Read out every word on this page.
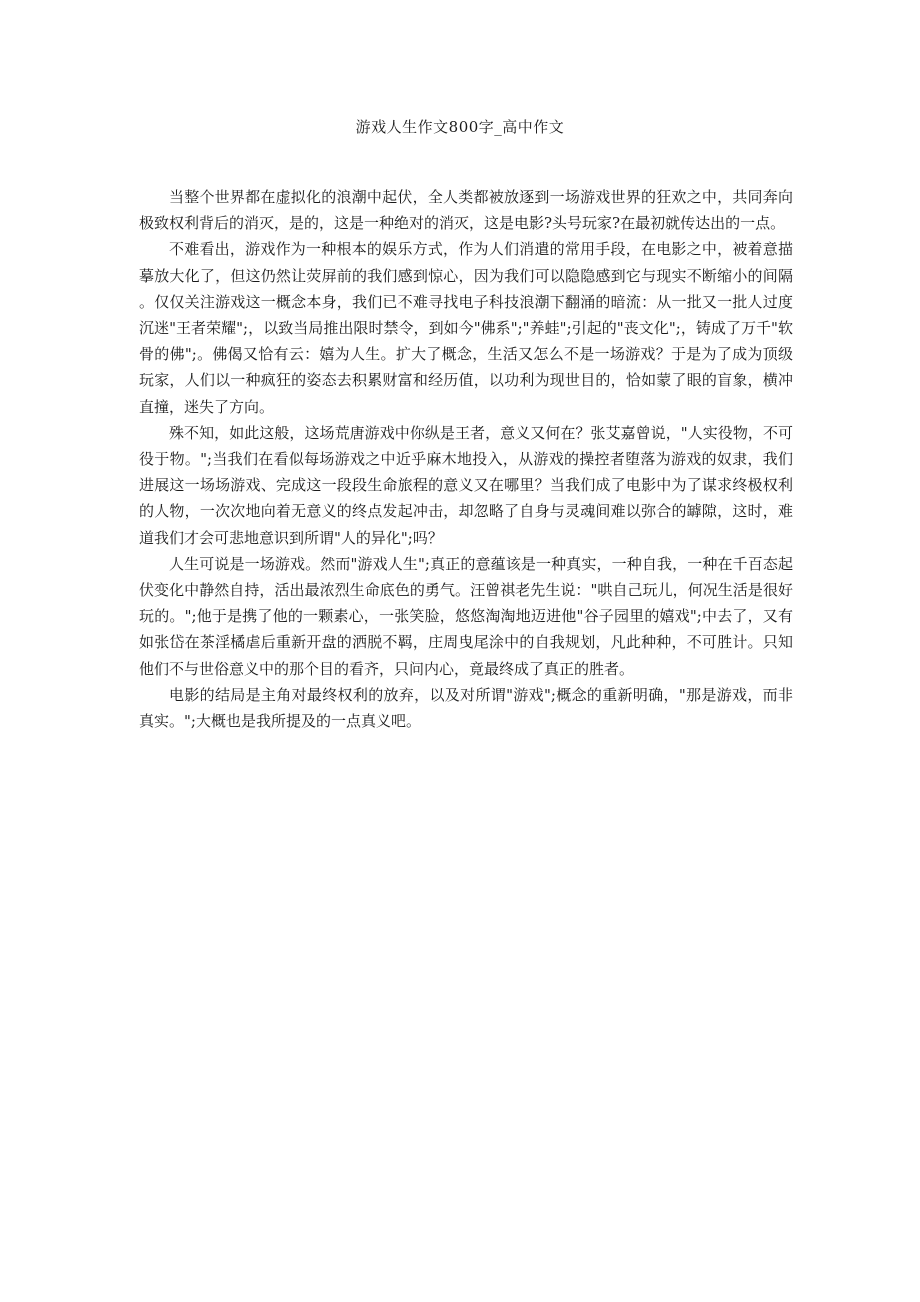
游戏人生作文800字_高中作文

当整个世界都在虚拟化的浪潮中起伏，全人类都被放逐到一场游戏世界的狂欢之中，共同奔向极致权利背后的消灭，是的，这是一种绝对的消灭，这是电影?头号玩家?在最初就传达出的一点。

不难看出，游戏作为一种根本的娱乐方式，作为人们消遣的常用手段，在电影之中，被着意描摹放大化了，但这仍然让荧屏前的我们感到惊心，因为我们可以隐隐感到它与现实不断缩小的间隔 。仅仅关注游戏这一概念本身，我们已不难寻找电子科技浪潮下翻涌的暗流：从一批又一批人过度沉迷"王者荣耀";，以致当局推出限时禁令，到如今"佛系";"养蛙";引起的"丧文化";，铸成了万千"软骨的佛";。佛偈又恰有云：嬉为人生。扩大了概念，生活又怎么不是一场游戏？于是为了成为顶级玩家，人们以一种疯狂的姿态去积累财富和经历值，以功利为现世目的，恰如蒙了眼的盲象，横冲直撞，迷失了方向。

殊不知，如此这般，这场荒唐游戏中你纵是王者，意义又何在？张艾嘉曾说，"人实役物，不可役于物。";当我们在看似每场游戏之中近乎麻木地投入，从游戏的操控者堕落为游戏的奴隶，我们进展这一场场游戏、完成这一段段生命旅程的意义又在哪里？当我们成了电影中为了谋求终极权利的人物，一次次地向着无意义的终点发起冲击，却忽略了自身与灵魂间难以弥合的罅隙，这时，难道我们才会可悲地意识到所谓"人的异化";吗？

人生可说是一场游戏。然而"游戏人生";真正的意蕴该是一种真实，一种自我，一种在千百态起伏变化中静然自持，活出最浓烈生命底色的勇气。汪曾祺老先生说："哄自己玩儿，何况生活是很好玩的。";他于是携了他的一颗素心，一张笑脸，悠悠淘淘地迈进他"谷子园里的嬉戏";中去了，又有如张岱在茶淫橘虐后重新开盘的洒脱不羁，庄周曳尾涂中的自我规划，凡此种种，不可胜计。只知他们不与世俗意义中的那个目的看齐，只问内心，竟最终成了真正的胜者。

电影的结局是主角对最终权利的放弃，以及对所谓"游戏";概念的重新明确，"那是游戏，而非真实。";大概也是我所提及的一点真义吧。
